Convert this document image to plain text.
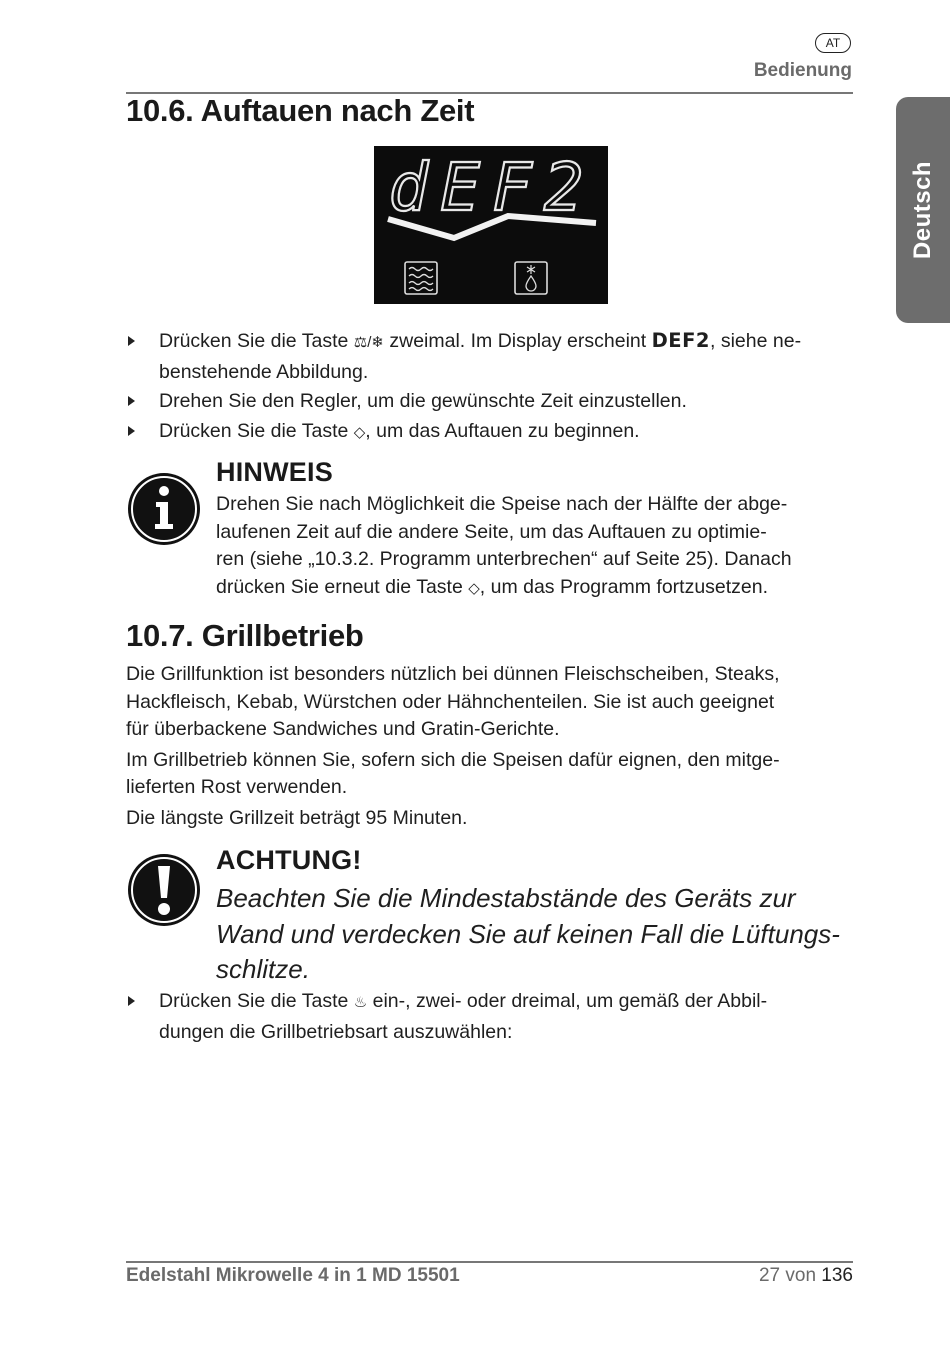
AT
Bedienung
Deutsch
10.6. Auftauen nach Zeit
dEF2
Drücken Sie die Taste ⚖/❄ zweimal. Im Display erscheint DEF2, siehe ne-
benstehende Abbildung.
Drehen Sie den Regler, um die gewünschte Zeit einzustellen.
Drücken Sie die Taste ◇, um das Auftauen zu beginnen.
HINWEIS
Drehen Sie nach Möglichkeit die Speise nach der Hälfte der abge-
laufenen Zeit auf die andere Seite, um das Auftauen zu optimie-
ren (siehe „10.3.2. Programm unterbrechen“ auf Seite 25). Danach
drücken Sie erneut die Taste ◇, um das Programm fortzusetzen.
10.7. Grillbetrieb
Die Grillfunktion ist besonders nützlich bei dünnen Fleischscheiben, Steaks,
Hackfleisch, Kebab, Würstchen oder Hähnchenteilen. Sie ist auch geeignet
für überbackene Sandwiches und Gratin-Gerichte.
Im Grillbetrieb können Sie, sofern sich die Speisen dafür eignen, den mitge-
lieferten Rost verwenden.
Die längste Grillzeit beträgt 95 Minuten.
ACHTUNG!
Beachten Sie die Mindestabstände des Geräts zur
Wand und verdecken Sie auf keinen Fall die Lüftungs-
schlitze.
Drücken Sie die Taste ♨ ein-, zwei- oder dreimal, um gemäß der Abbil-
dungen die Grillbetriebsart auszuwählen:
Edelstahl Mikrowelle 4 in 1 MD 15501	27 von 136
